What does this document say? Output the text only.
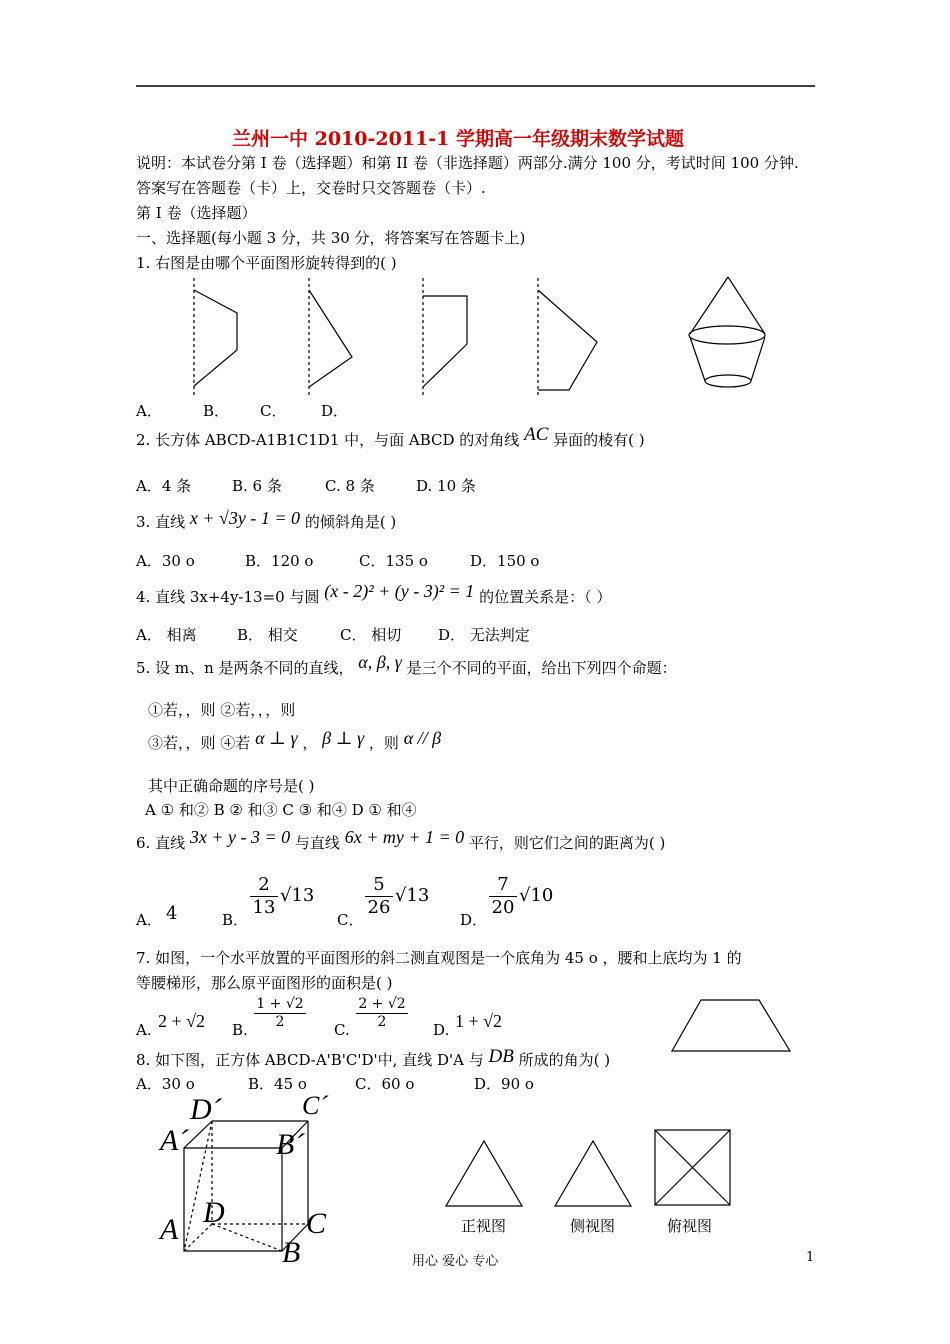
兰州一中 2010-2011-1 学期高一年级期末数学试题
说明：本试卷分第 I 卷（选择题）和第 II 卷（非选择题）两部分.满分 100 分，考试时间 100 分钟.
答案写在答题卷（卡）上，交卷时只交答题卷（卡）.
第 I 卷（选择题）
一、选择题(每小题 3 分，共 30 分，将答案写在答题卡上)
1. 右图是由哪个平面图形旋转得到的( )
A．	B． C． D．
2. 长方体 ABCD-A1B1C1D1 中，与面 ABCD 的对角线 AC 异面的棱有( )
A．4 条	B. 6 条	C. 8 条	D. 10 条
3. 直线 x + √3y - 1 = 0 的倾斜角是( )
A．30 o	B．120 o	C．135 o	D．150 o
4. 直线 3x+4y-13=0 与圆 (x - 2)² + (y - 3)² = 1 的位置关系是：（ ）
A． 相离	B． 相交	C． 相切 D． 无法判定
5. 设 m、n 是两条不同的直线， α, β, γ 是三个不同的平面，给出下列四个命题：
①若，，则 ②若，，，则
③若，，则 ④若 α ⊥ γ ， β ⊥ γ ，则 α // β
其中正确命题的序号是( )
A ① 和② B ② 和③ C ③ 和④ D ① 和④
6. 直线 3x + y - 3 = 0 与直线 6x + my + 1 = 0 平行，则它们之间的距离为( )
A． 4	B．
$\frac{2}{13} √13$
C．
$\frac{5}{26} √13$
D．
$\frac{7}{20} √10$
7. 如图，一个水平放置的平面图形的斜二测直观图是一个底角为 45 o ，腰和上底均为 1 的
等腰梯形，那么原平面图形的面积是( )
A. 2 + √2 B. $\frac{1 + √2}{2} C$. $\frac{2 + √2}{2} D$. 1 + √2
8. 如下图，正方体 ABCD-A'B'C'D'中, 直线 D'A 与 DB 所成的角为( )
A．30 o	B．45 o	C．60 o	D．90 o
D´	C´
A´	B´
D
A	C
B
正视图	侧视图	俯视图
用心 爱心 专心	1
